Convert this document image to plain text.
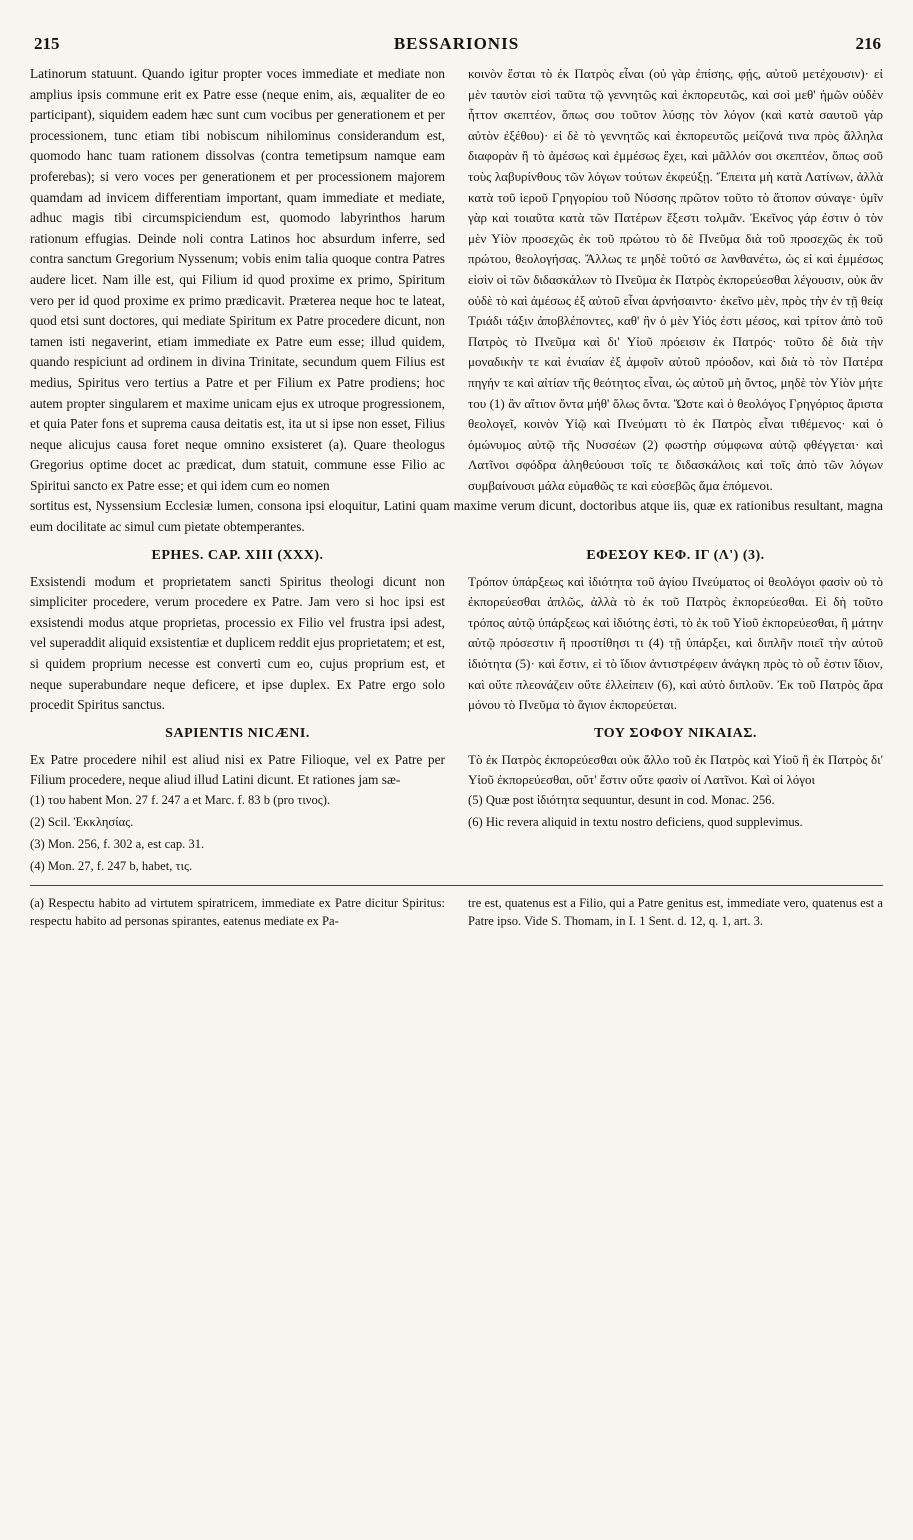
215	BESSARIONIS	216

Latinorum statuunt. Quando igitur propter voces immediate et mediate non amplius ipsis commune erit ex Patre esse (neque enim, ais, æqualiter de eo participant), siquidem eadem hæc sunt cum vocibus per generationem et per processionem, tunc etiam tibi nobiscum nihilominus considerandum est, quomodo hanc tuam rationem dissolvas (contra temetipsum namque eam proferebas); si vero voces per generationem et per processionem majorem quamdam ad invicem differentiam important, quam immediate et mediate, adhuc magis tibi circumspiciendum est, quomodo labyrinthos harum rationum effugias. Deinde noli contra Latinos hoc absurdum inferre, sed contra sanctum Gregorium Nyssenum; vobis enim talia quoque contra Patres audere licet. Nam ille est, qui Filium id quod proxime ex primo, Spiritum vero per id quod proxime ex primo prædicavit. Præterea neque hoc te lateat, quod etsi sunt doctores, qui mediate Spiritum ex Patre procedere dicunt, non tamen isti negaverint, etiam immediate ex Patre eum esse; illud quidem, quando respiciunt ad ordinem in divina Trinitate, secundum quem Filius est medius, Spiritus vero tertius a Patre et per Filium ex Patre prodiens; hoc autem propter singularem et maxime unicam ejus ex utroque progressionem, et quia Pater fons et suprema causa deitatis est, ita ut si ipse non esset, Filius neque alicujus causa foret neque omnino exsisteret (a). Quare theologus Gregorius optime docet ac prædicat, dum statuit, commune esse Filio ac Spiritui sancto ex Patre esse; et qui idem cum eo nomen

κοινὸν ἔσται τὸ ἐκ Πατρὸς εἶναι (οὐ γὰρ ἐπίσης, φῄς, αὐτοῦ μετέχουσιν)· εἰ μὲν ταυτὸν εἰσὶ ταῦτα τῷ γεννητῶς καὶ ἐκπορευτῶς, καὶ σοὶ μεθ' ἡμῶν οὐδὲν ἧττον σκεπτέον, ὅπως σου τοῦτον λύσῃς τὸν λόγον (καὶ κατὰ σαυτοῦ γὰρ αὐτὸν ἐξέθου)· εἰ δὲ τὸ γεννητῶς καὶ ἐκπορευτῶς μείζονά τινα πρὸς ἄλληλα διαφορὰν ἢ τὸ ἀμέσως καὶ ἐμμέσως ἔχει, καὶ μᾶλλόν σοι σκεπτέον, ὅπως σοῦ τοὺς λαβυρίνθους τῶν λόγων τούτων ἐκφεύξῃ. Ἔπειτα μὴ κατὰ Λατίνων, ἀλλὰ κατὰ τοῦ ἱεροῦ Γρηγορίου τοῦ Νύσσης πρῶτον τοῦτο τὸ ἄτοπον σύναγε· ὑμῖν γὰρ καὶ τοιαῦτα κατὰ τῶν Πατέρων ἔξεστι τολμᾶν. Ἐκεῖνος γάρ ἐστιν ὁ τὸν μὲν Υἱὸν προσεχῶς ἐκ τοῦ πρώτου τὸ δὲ Πνεῦμα διὰ τοῦ προσεχῶς ἐκ τοῦ πρώτου, θεολογήσας. Ἄλλως τε μηδὲ τοῦτό σε λανθανέτω, ὡς εἰ καὶ ἐμμέσως εἰσὶν οἱ τῶν διδασκάλων τὸ Πνεῦμα ἐκ Πατρὸς ἐκπορεύεσθαι λέγουσιν, οὐκ ἂν οὐδὲ τὸ καὶ ἀμέσως ἐξ αὐτοῦ εἶναι ἀρνήσαιντο· ἐκεῖνο μὲν, πρὸς τὴν ἐν τῇ θείᾳ Τριάδι τάξιν ἀποβλέποντες, καθ' ἣν ὁ μὲν Υἱός ἐστι μέσος, καὶ τρίτον ἀπὸ τοῦ Πατρὸς τὸ Πνεῦμα καὶ δι' Υἱοῦ πρόεισιν ἐκ Πατρός· τοῦτο δὲ διὰ τὴν μοναδικὴν τε καὶ ἑνιαίαν ἐξ ἀμφοῖν αὐτοῦ πρόοδον, καὶ διὰ τὸ τὸν Πατέρα πηγήν τε καὶ αἰτίαν τῆς θεότητος εἶναι, ὡς αὐτοῦ μὴ ὄντος, μηδὲ τὸν Υἱὸν μήτε του (1) ἂν αἴτιον ὄντα μήθ' ὅλως ὄντα. Ὥστε καὶ ὁ θεολόγος Γρηγόριος ἄριστα θεολογεῖ, κοινὸν Υἱῷ καὶ Πνεύματι τὸ ἐκ Πατρὸς εἶναι τιθέμενος· καὶ ὁ ὁμώνυμος αὐτῷ τῆς Νυσσέων (2) φωστὴρ σύμφωνα αὐτῷ φθέγγεται· καὶ Λατῖνοι σφόδρα ἀληθεύουσι τοῖς τε διδασκάλοις καὶ τοῖς ἀπὸ τῶν λόγων συμβαίνουσι μάλα εὐμαθῶς τε καὶ εὐσεβῶς ἅμα ἑπόμενοι.

sortitus est, Nyssensium Ecclesiæ lumen, consona ipsi eloquitur, Latini quam maxime verum dicunt, doctoribus atque iis, quæ ex rationibus resultant, magna eum docilitate ac simul cum pietate obtemperantes.

EPHES. CAP. XIII (XXX).

Exsistendi modum et proprietatem sancti Spiritus theologi dicunt non simpliciter procedere, verum procedere ex Patre. Jam vero si hoc ipsi est exsistendi modus atque proprietas, processio ex Filio vel frustra ipsi adest, vel superaddit aliquid exsistentiæ et duplicem reddit ejus proprietatem; et est, si quidem proprium necesse est converti cum eo, cujus proprium est, et neque superabundare neque deficere, et ipse duplex. Ex Patre ergo solo procedit Spiritus sanctus.

ΕΦΕΣΟΥ ΚΕΦ. ΙΓ (Λ') (3).

Τρόπον ὑπάρξεως καὶ ἰδιότητα τοῦ ἁγίου Πνεύματος οἱ θεολόγοι φασὶν οὐ τὸ ἐκπορεύεσθαι ἁπλῶς, ἀλλὰ τὸ ἐκ τοῦ Πατρὸς ἐκπορεύεσθαι. Εἰ δὴ τοῦτο τρόπος αὐτῷ ὑπάρξεως καὶ ἰδιότης ἐστὶ, τὸ ἐκ τοῦ Υἱοῦ ἐκπορεύεσθαι, ἢ μάτην αὐτῷ πρόσεστιν ἢ προστίθησι τι (4) τῇ ὑπάρξει, καὶ διπλῆν ποιεῖ τὴν αὐτοῦ ἰδιότητα (5)· καὶ ἔστιν, εἰ τὸ ἴδιον ἀντιστρέφειν ἀνάγκη πρὸς τὸ οὗ ἐστιν ἴδιον, καὶ οὔτε πλεονάζειν οὔτε ἐλλείπειν (6), καὶ αὐτὸ διπλοῦν. Ἐκ τοῦ Πατρὸς ἄρα μόνου τὸ Πνεῦμα τὸ ἅγιον ἐκπορεύεται.

SAPIENTIS NICÆNI.

Ex Patre procedere nihil est aliud nisi ex Patre Filioque, vel ex Patre per Filium procedere, neque aliud illud Latini dicunt. Et rationes jam sæ-

ΤΟΥ ΣΟΦΟΥ ΝΙΚΑΙΑΣ.

Τὸ ἐκ Πατρὸς ἐκπορεύεσθαι οὐκ ἄλλο τοῦ ἐκ Πατρὸς καὶ Υἱοῦ ἢ ἐκ Πατρὸς δι' Υἱοῦ ἐκπορεύεσθαι, οὔτ' ἔστιν οὔτε φασὶν οἱ Λατῖνοι. Καὶ οἱ λόγοι

(1) του habent Mon. 27 f. 247 a et Marc. f. 83 b (pro τινος).

(2) Scil. Ἐκκλησίας.

(3) Mon. 256, f. 302 a, est cap. 31.

(4) Mon. 27, f. 247 b, habet, τις.

(5) Quæ post ἰδιότητα sequuntur, desunt in cod. Monac. 256.

(6) Hic revera aliquid in textu nostro deficiens, quod supplevimus.

(a) Respectu habito ad virtutem spiratricem, immediate ex Patre dicitur Spiritus: respectu habito ad personas spirantes, eatenus mediate ex Pa-

tre est, quatenus est a Filio, qui a Patre genitus est, immediate vero, quatenus est a Patre ipso. Vide S. Thomam, in I. 1 Sent. d. 12, q. 1, art. 3.
